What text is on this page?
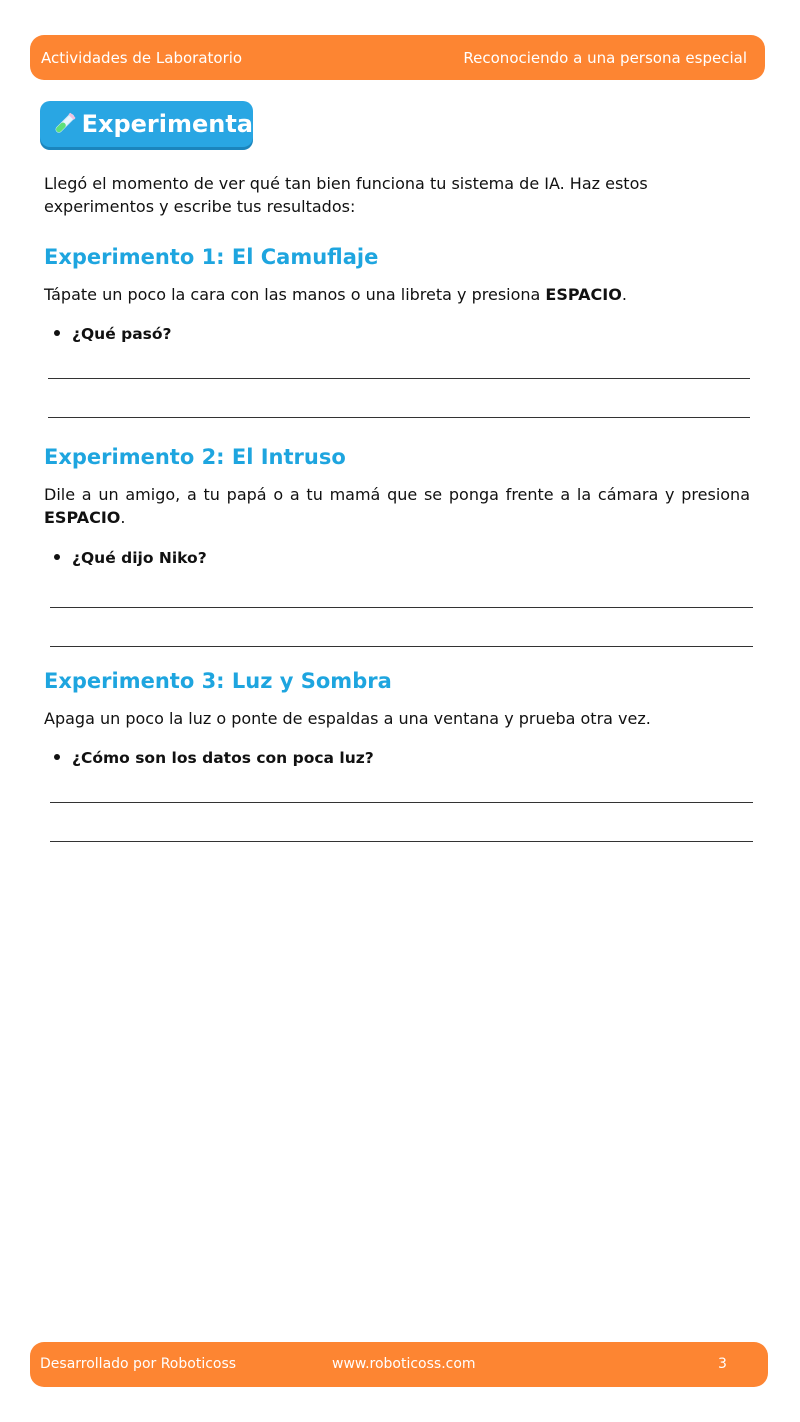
Actividades de Laboratorio	Reconociendo a una persona especial
Experimenta

Llegó el momento de ver qué tan bien funciona tu sistema de IA. Haz estos experimentos y escribe tus resultados:

Experimento 1: El Camuflaje

Tápate un poco la cara con las manos o una libreta y presiona ESPACIO.

¿Qué pasó?
Experimento 2: El Intruso

Dile a un amigo, a tu papá o a tu mamá que se ponga frente a la cámara y presiona ESPACIO.

¿Qué dijo Niko?
Experimento 3: Luz y Sombra

Apaga un poco la luz o ponte de espaldas a una ventana y prueba otra vez.

¿Cómo son los datos con poca luz?
Desarrollado por Roboticoss	www.roboticoss.com	3
